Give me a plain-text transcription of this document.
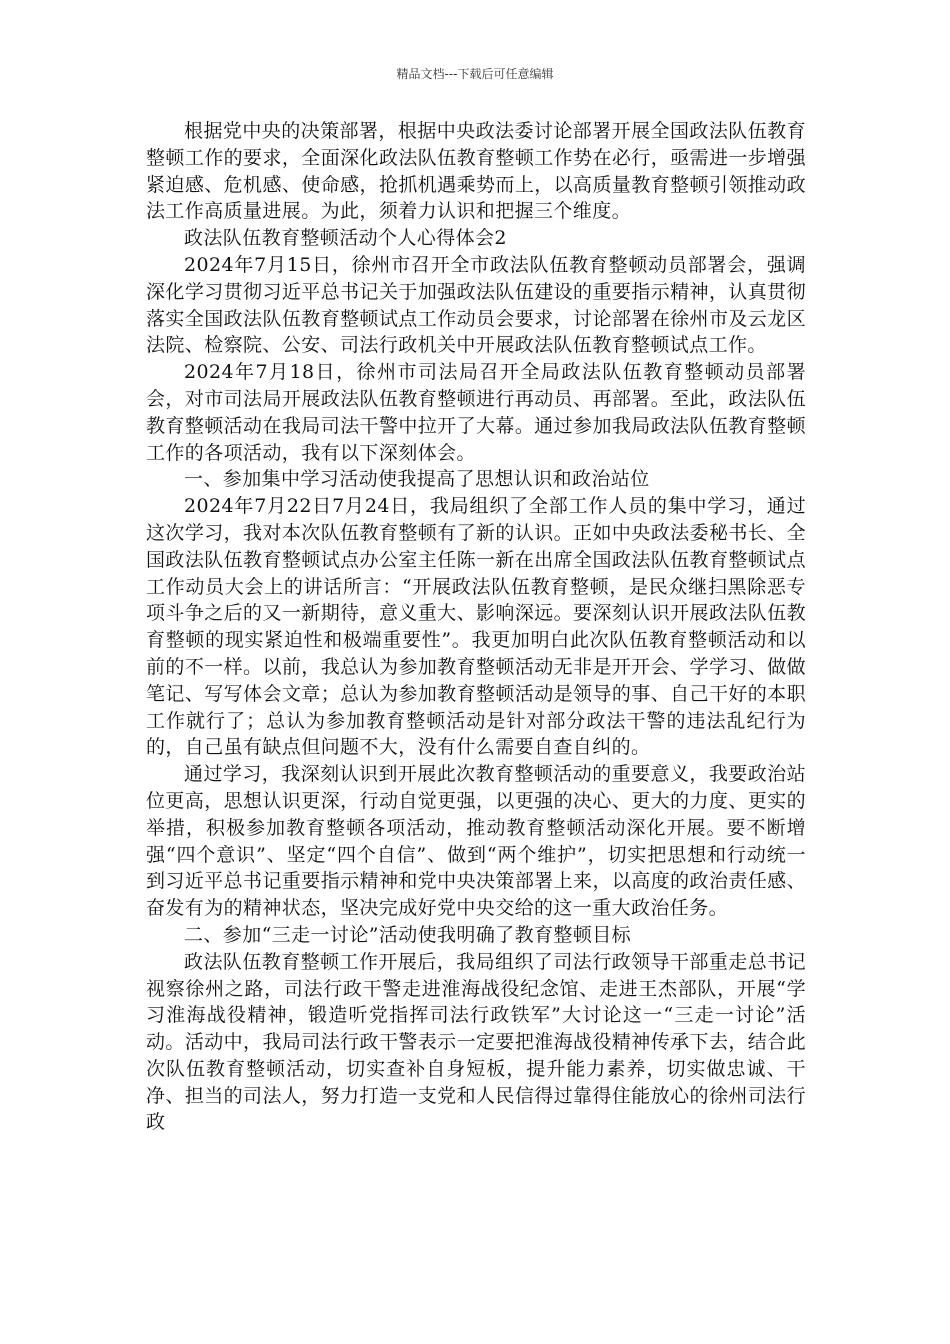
精品文档---下载后可任意编辑

根据党中央的决策部署，根据中央政法委讨论部署开展全国政法队伍教育整顿工作的要求，全面深化政法队伍教育整顿工作势在必行，亟需进一步增强紧迫感、危机感、使命感，抢抓机遇乘势而上，以高质量教育整顿引领推动政法工作高质量进展。为此，须着力认识和把握三个维度。

政法队伍教育整顿活动个人心得体会2

2024年7月15日，徐州市召开全市政法队伍教育整顿动员部署会，强调深化学习贯彻习近平总书记关于加强政法队伍建设的重要指示精神，认真贯彻落实全国政法队伍教育整顿试点工作动员会要求，讨论部署在徐州市及云龙区法院、检察院、公安、司法行政机关中开展政法队伍教育整顿试点工作。

2024年7月18日，徐州市司法局召开全局政法队伍教育整顿动员部署会，对市司法局开展政法队伍教育整顿进行再动员、再部署。至此，政法队伍教育整顿活动在我局司法干警中拉开了大幕。通过参加我局政法队伍教育整顿工作的各项活动，我有以下深刻体会。

一、参加集中学习活动使我提高了思想认识和政治站位

2024年7月22日7月24日，我局组织了全部工作人员的集中学习，通过这次学习，我对本次队伍教育整顿有了新的认识。正如中央政法委秘书长、全国政法队伍教育整顿试点办公室主任陈一新在出席全国政法队伍教育整顿试点工作动员大会上的讲话所言：“开展政法队伍教育整顿，是民众继扫黑除恶专项斗争之后的又一新期待，意义重大、影响深远。要深刻认识开展政法队伍教育整顿的现实紧迫性和极端重要性”。我更加明白此次队伍教育整顿活动和以前的不一样。以前，我总认为参加教育整顿活动无非是开开会、学学习、做做笔记、写写体会文章；总认为参加教育整顿活动是领导的事、自己干好的本职工作就行了；总认为参加教育整顿活动是针对部分政法干警的违法乱纪行为的，自己虽有缺点但问题不大，没有什么需要自查自纠的。

通过学习，我深刻认识到开展此次教育整顿活动的重要意义，我要政治站位更高，思想认识更深，行动自觉更强，以更强的决心、更大的力度、更实的举措，积极参加教育整顿各项活动，推动教育整顿活动深化开展。要不断增强“四个意识”、坚定“四个自信”、做到“两个维护”，切实把思想和行动统一到习近平总书记重要指示精神和党中央决策部署上来，以高度的政治责任感、奋发有为的精神状态，坚决完成好党中央交给的这一重大政治任务。

二、参加“三走一讨论”活动使我明确了教育整顿目标

政法队伍教育整顿工作开展后，我局组织了司法行政领导干部重走总书记视察徐州之路，司法行政干警走进淮海战役纪念馆、走进王杰部队，开展“学习淮海战役精神，锻造听党指挥司法行政铁军”大讨论这一“三走一讨论”活动。活动中，我局司法行政干警表示一定要把淮海战役精神传承下去，结合此次队伍教育整顿活动，切实查补自身短板，提升能力素养，切实做忠诚、干净、担当的司法人，努力打造一支党和人民信得过靠得住能放心的徐州司法行政
